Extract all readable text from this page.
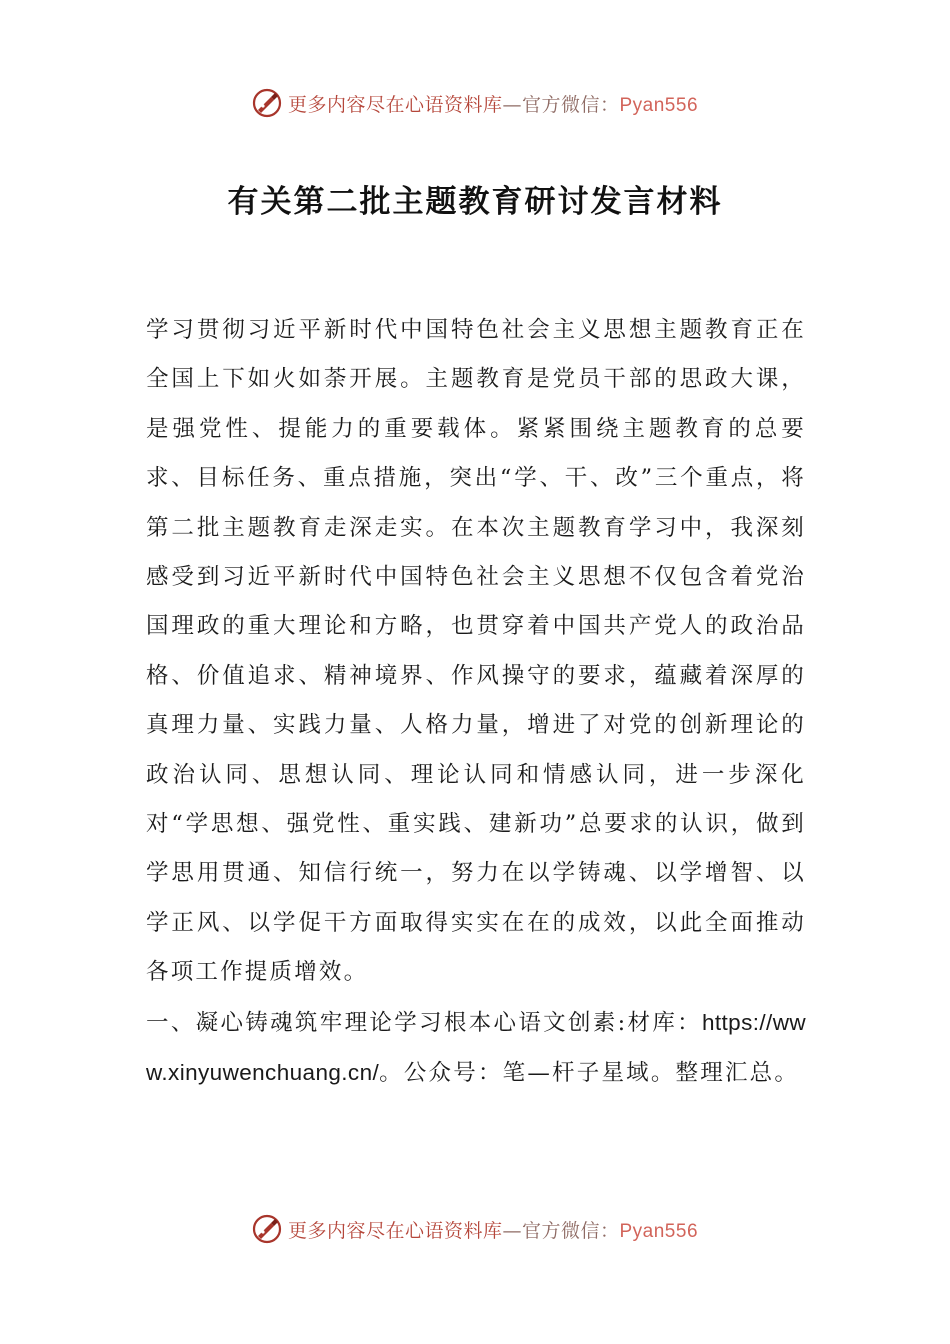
更多内容尽在心语资料库—官方微信：Pyan556
有关第二批主题教育研讨发言材料

学习贯彻习近平新时代中国特色社会主义思想主题教育正在全国上下如火如荼开展。主题教育是党员干部的思政大课，是强党性、提能力的重要载体。紧紧围绕主题教育的总要求、目标任务、重点措施，突出“学、干、改”三个重点，将第二批主题教育走深走实。在本次主题教育学习中，我深刻感受到习近平新时代中国特色社会主义思想不仅包含着党治国理政的重大理论和方略，也贯穿着中国共产党人的政治品格、价值追求、精神境界、作风操守的要求，蕴藏着深厚的真理力量、实践力量、人格力量，增进了对党的创新理论的政治认同、思想认同、理论认同和情感认同，进一步深化对“学思想、强党性、重实践、建新功”总要求的认识，做到学思用贯通、知信行统一，努力在以学铸魂、以学增智、以学正风、以学促干方面取得实实在在的成效，以此全面推动各项工作提质增效。

一、凝心铸魂筑牢理论学习根本心语文创素:材库：https://www.xinyuwenchuang.cn/。公众号：笔—杆子星域。整理汇总。

更多内容尽在心语资料库—官方微信：Pyan556
